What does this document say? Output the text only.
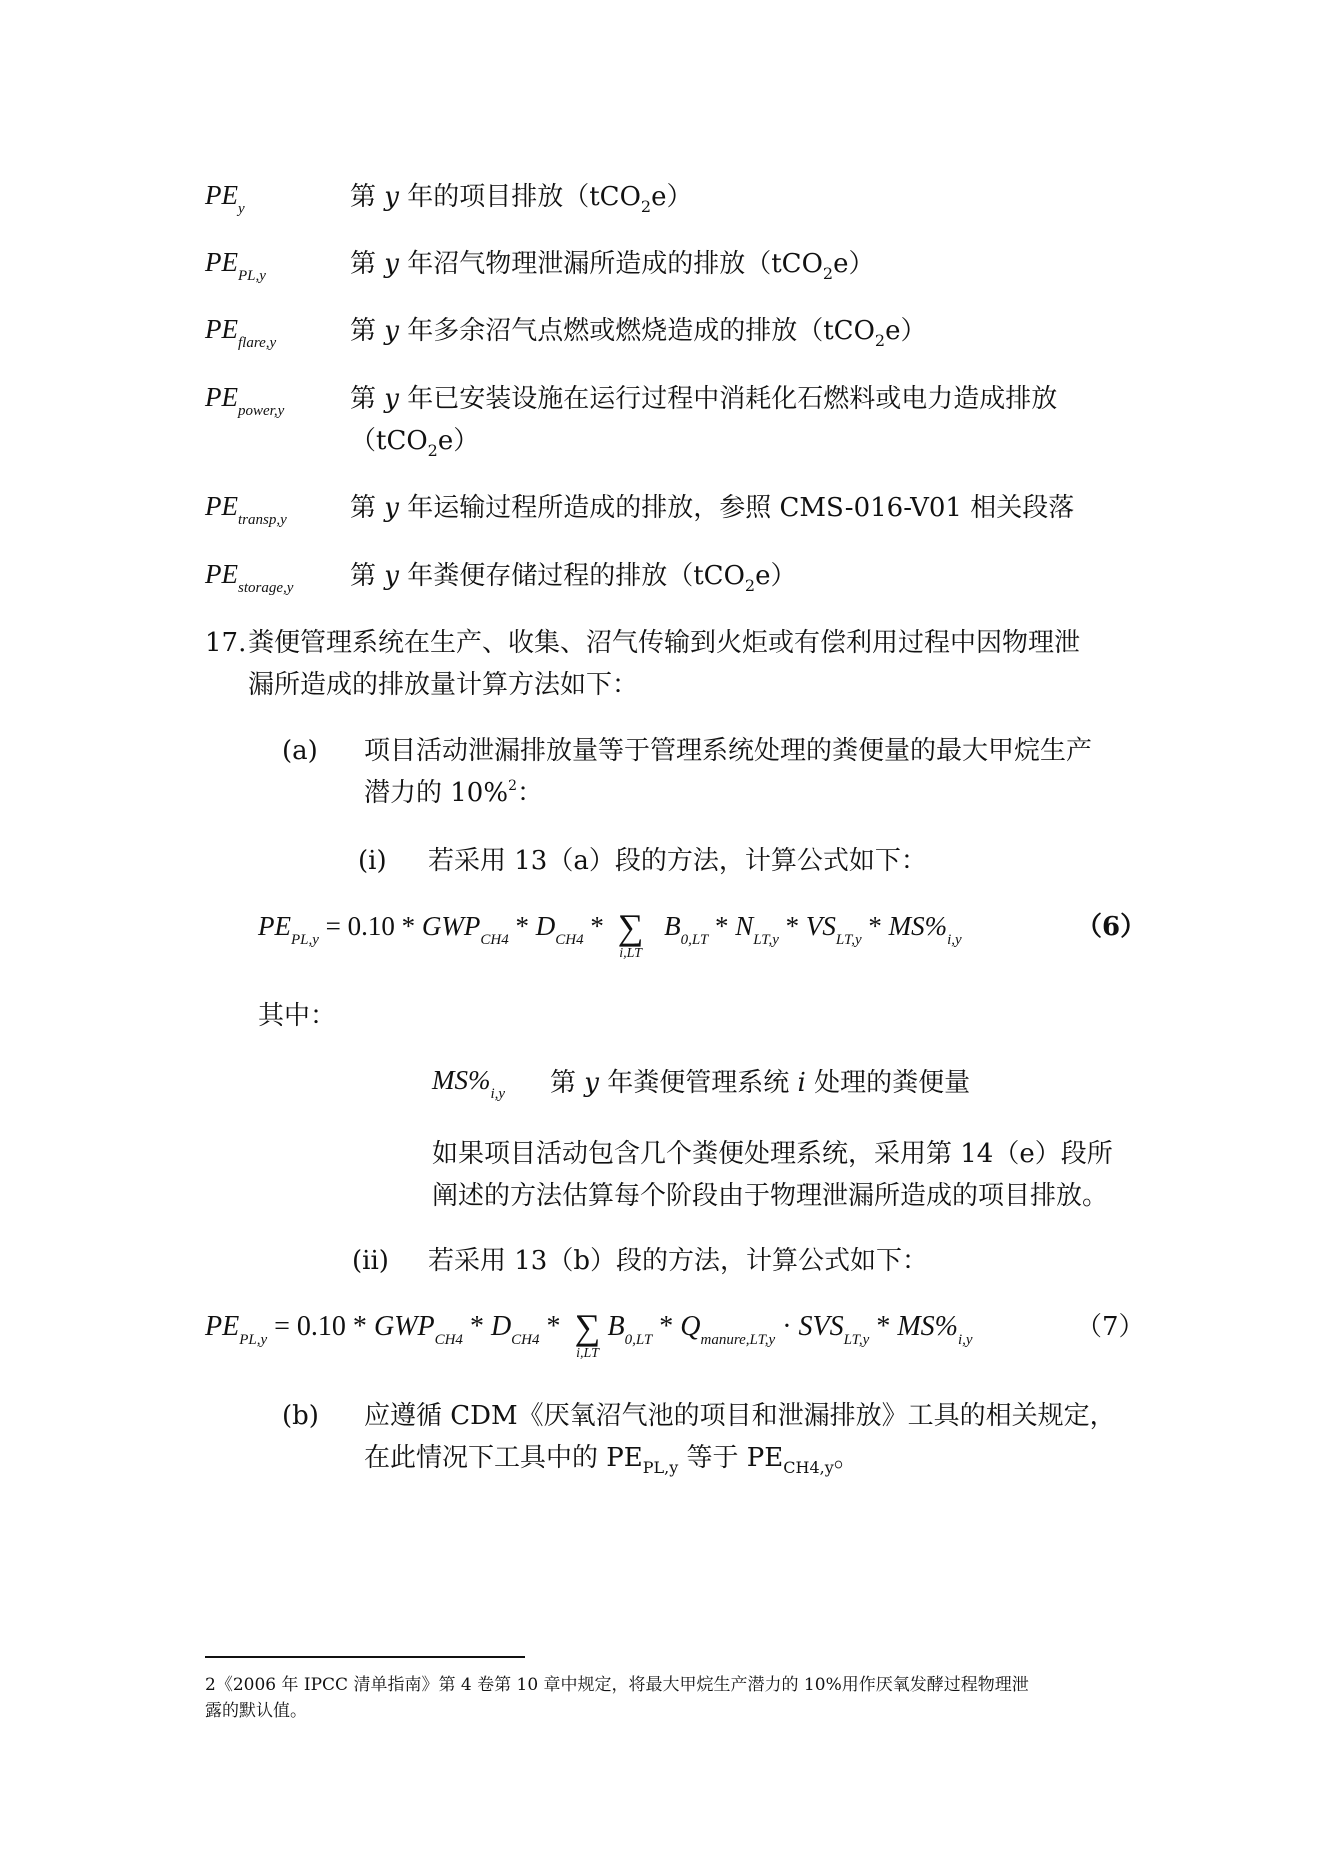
$PE_y$	第 y 年的项目排放（tCO$_2$e）
$PE_{PL,y}$	第 y 年沼气物理泄漏所造成的排放（tCO$_2$e）
$PE_{flare,y}$	第 y 年多余沼气点燃或燃烧造成的排放（tCO$_2$e）
$PE_{power,y}$	第 y 年已安装设施在运行过程中消耗化石燃料或电力造成排放
（tCO$_2$e）
$PE_{transp,y}$ 第 y 年运输过程所造成的排放，参照 CMS-016-V01 相关段落
$PE_{storage,y}$ 第 y 年粪便存储过程的排放（tCO$_2$e）
17. 粪便管理系统在生产、收集、沼气传输到火炬或有偿利用过程中因物理泄
漏所造成的排放量计算方法如下：
(a) 项目活动泄漏排放量等于管理系统处理的粪便量的最大甲烷生产
潜力的 10%$^2$：
(i) 若采用 13（a）段的方法，计算公式如下：
$PE_{PL,y} = 0.10 * GWP_{CH4} * D_{CH4}$ * ∑
i,LT
$B_{0,LT} * N_{LT,y} * VS_{LT,y} * MS\%_{i,y}$	（6）
其中：
$MS\%_{i,y}$ 第 y 年粪便管理系统 i 处理的粪便量
如果项目活动包含几个粪便处理系统，采用第 14（e）段所
阐述的方法估算每个阶段由于物理泄漏所造成的项目排放。
(ii) 若采用 13（b）段的方法，计算公式如下：
$PE_{PL,y} = 0.10 * GWP_{CH4} * D_{CH4}$ * ∑
i,LT
$B_{0,LT} * Q_{manure,LT,y} \cdot SVS_{LT,y} * MS\%_{i,y}$	（7）
(b) 应遵循 CDM《厌氧沼气池的项目和泄漏排放》工具的相关规定，
在此情况下工具中的 $PE_{PL,y}$ 等于 $PE_{CH4,y}$。
2《2006 年 IPCC 清单指南》第 4 卷第 10 章中规定，将最大甲烷生产潜力的 10%用作厌氧发酵过程物理泄
露的默认值。
